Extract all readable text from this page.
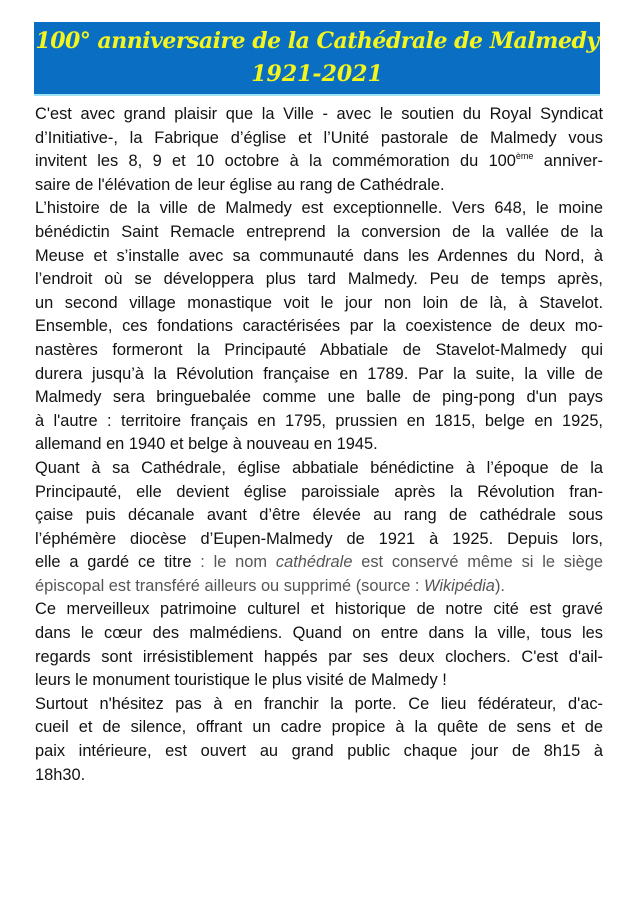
100° anniversaire de la Cathédrale de Malmedy
1921-2021
C'est avec grand plaisir que la Ville - avec le soutien du Royal Syndicat
d’Initiative-, la Fabrique d’église et l’Unité pastorale de Malmedy vous
invitent les 8, 9 et 10 octobre à la commémoration du 100ème anniver-
saire de l'élévation de leur église au rang de Cathédrale.
L’histoire de la ville de Malmedy est exceptionnelle. Vers 648, le moine
bénédictin Saint Remacle entreprend la conversion de la vallée de la
Meuse et s’installe avec sa communauté dans les Ardennes du Nord, à
l’endroit où se développera plus tard Malmedy. Peu de temps après,
un second village monastique voit le jour non loin de là, à Stavelot.
Ensemble, ces fondations caractérisées par la coexistence de deux mo-
nastères formeront la Principauté Abbatiale de Stavelot-Malmedy qui
durera jusqu’à la Révolution française en 1789. Par la suite, la ville de
Malmedy sera bringuebalée comme une balle de ping-pong d'un pays
à l'autre : territoire français en 1795, prussien en 1815, belge en 1925,
allemand en 1940 et belge à nouveau en 1945.
Quant à sa Cathédrale, église abbatiale bénédictine à l’époque de la
Principauté, elle devient église paroissiale après la Révolution fran-
çaise puis décanale avant d’être élevée au rang de cathédrale sous
l’éphémère diocèse d’Eupen-Malmedy de 1921 à 1925. Depuis lors,
elle a gardé ce titre : le nom cathédrale est conservé même si le siège
épiscopal est transféré ailleurs ou supprimé (source : Wikipédia).
Ce merveilleux patrimoine culturel et historique de notre cité est gravé
dans le cœur des malmédiens. Quand on entre dans la ville, tous les
regards sont irrésistiblement happés par ses deux clochers. C'est d'ail-
leurs le monument touristique le plus visité de Malmedy !
Surtout n'hésitez pas à en franchir la porte. Ce lieu fédérateur, d'ac-
cueil et de silence, offrant un cadre propice à la quête de sens et de
paix intérieure, est ouvert au grand public chaque jour de 8h15 à
18h30.
